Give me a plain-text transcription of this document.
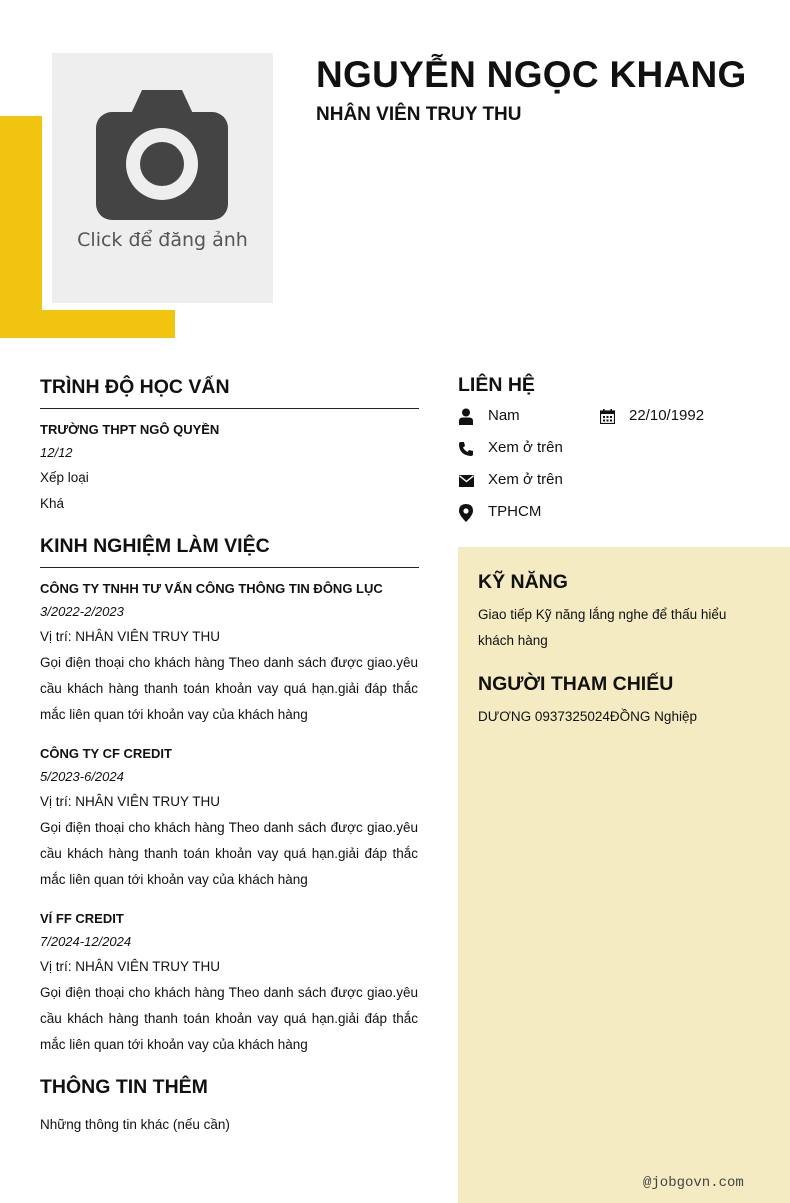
Click để đăng ảnh
NGUYỄN NGỌC KHANG
NHÂN VIÊN TRUY THU
TRÌNH ĐỘ HỌC VẤN
TRƯỜNG THPT NGÔ QUYỀN
12/12
Xếp loại
Khá
KINH NGHIỆM LÀM VIỆC
CÔNG TY TNHH TƯ VẤN CÔNG THÔNG TIN ĐÔNG LỤC
3/2022-2/2023
Vị trí: NHÂN VIÊN TRUY THU
Gọi điện thoại cho khách hàng Theo danh sách được giao.yêu cầu khách hàng thanh toán khoản vay quá hạn.giải đáp thắc mắc liên quan tới khoản vay của khách hàng
CÔNG TY CF CREDIT
5/2023-6/2024
Vị trí: NHÂN VIÊN TRUY THU
Gọi điện thoại cho khách hàng Theo danh sách được giao.yêu cầu khách hàng thanh toán khoản vay quá hạn.giải đáp thắc mắc liên quan tới khoản vay của khách hàng
VÍ FF CREDIT
7/2024-12/2024
Vị trí: NHÂN VIÊN TRUY THU
Gọi điện thoại cho khách hàng Theo danh sách được giao.yêu cầu khách hàng thanh toán khoản vay quá hạn.giải đáp thắc mắc liên quan tới khoản vay của khách hàng
THÔNG TIN THÊM
Những thông tin khác (nếu cần)
LIÊN HỆ
Nam	22/10/1992
Xem ở trên
Xem ở trên
TPHCM
KỸ NĂNG
Giao tiếp Kỹ năng lắng nghe để thấu hiểu khách hàng
NGƯỜI THAM CHIẾU
DƯƠNG 0937325024ĐỒNG Nghiệp
@jobgovn.com
